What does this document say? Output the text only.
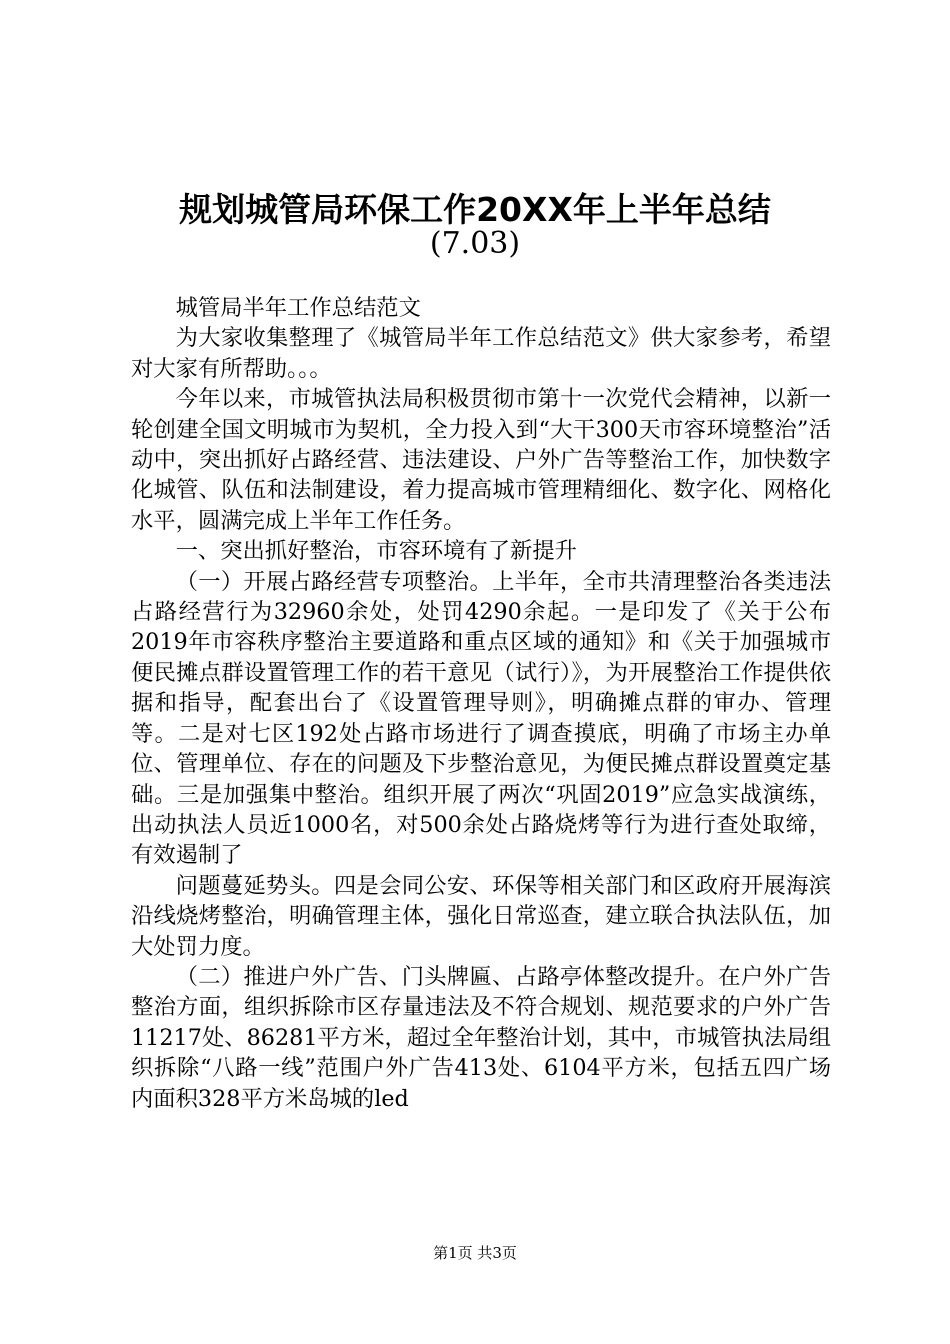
规划城管局环保工作20XX年上半年总结
(7.03)

城管局半年工作总结范文

为大家收集整理了《城管局半年工作总结范文》供大家参考，希望对大家有所帮助。。。

今年以来，市城管执法局积极贯彻市第十一次党代会精神，以新一轮创建全国文明城市为契机，全力投入到“大干300天市容环境整治”活动中，突出抓好占路经营、违法建设、户外广告等整治工作，加快数字化城管、队伍和法制建设，着力提高城市管理精细化、数字化、网格化水平，圆满完成上半年工作任务。

一、突出抓好整治，市容环境有了新提升

（一）开展占路经营专项整治。上半年，全市共清理整治各类违法占路经营行为32960余处，处罚4290余起。一是印发了《关于公布2019年市容秩序整治主要道路和重点区域的通知》和《关于加强城市便民摊点群设置管理工作的若干意见（试行）》，为开展整治工作提供依据和指导，配套出台了《设置管理导则》，明确摊点群的审办、管理等。二是对七区192处占路市场进行了调查摸底，明确了市场主办单位、管理单位、存在的问题及下步整治意见，为便民摊点群设置奠定基础。三是加强集中整治。组织开展了两次“巩固2019”应急实战演练，出动执法人员近1000名，对500余处占路烧烤等行为进行查处取缔，有效遏制了

问题蔓延势头。四是会同公安、环保等相关部门和区政府开展海滨沿线烧烤整治，明确管理主体，强化日常巡查，建立联合执法队伍，加大处罚力度。

（二）推进户外广告、门头牌匾、占路亭体整改提升。在户外广告整治方面，组织拆除市区存量违法及不符合规划、规范要求的户外广告11217处、86281平方米，超过全年整治计划，其中，市城管执法局组织拆除“八路一线”范围户外广告413处、6104平方米，包括五四广场内面积328平方米岛城的led

第1页 共3页
